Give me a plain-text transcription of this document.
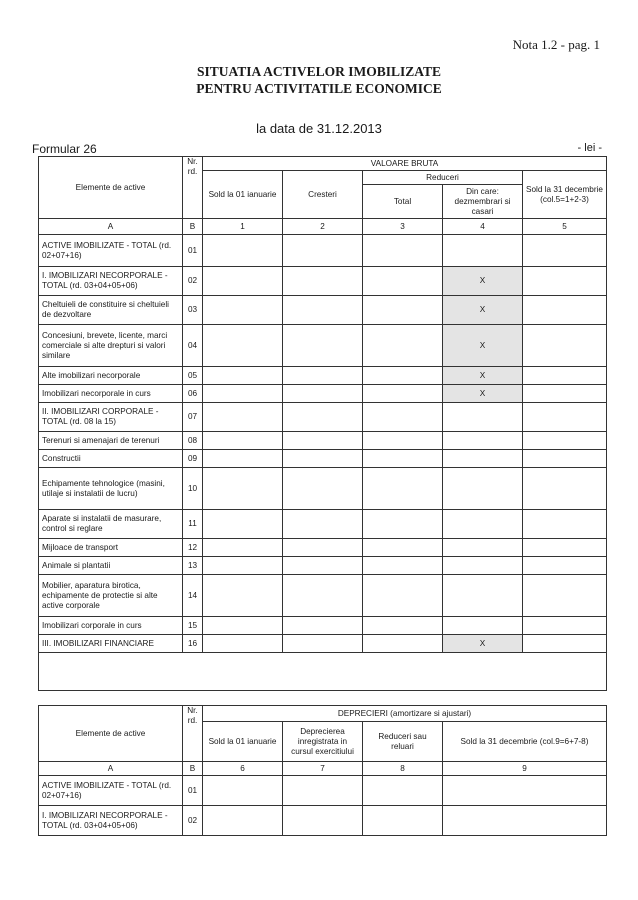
Nota 1.2 - pag. 1
SITUATIA ACTIVELOR IMOBILIZATE
PENTRU ACTIVITATILE ECONOMICE
la data de 31.12.2013
Formular 26	- lei -
Elemente de active	Nr. rd.	VALOARE BRUTA				
		Sold la 01 ianuarie	Cresteri	Reduceri		Sold la 31 decembrie (col.5=1+2-3)
				Total	Din care: dezmembrari si casari	
A	B	1	2	3	4	5
ACTIVE IMOBILIZATE - TOTAL (rd. 02+07+16)	01					
I. IMOBILIZARI NECORPORALE - TOTAL (rd. 03+04+05+06)	02				X	
Cheltuieli de constituire si cheltuieli de dezvoltare	03				X	
Concesiuni, brevete, licente, marci comerciale si alte drepturi si valori similare	04				X	
Alte imobilizari necorporale	05				X	
Imobilizari necorporale in curs	06				X	
II. IMOBILIZARI CORPORALE - TOTAL (rd. 08 la 15)	07					
Terenuri si amenajari de terenuri	08					
Constructii	09					
Echipamente tehnologice (masini, utilaje si instalatii de lucru)	10					
Aparate si instalatii de masurare, control si reglare	11					
Mijloace de transport	12					
Animale si plantatii	13					
Mobilier, aparatura birotica, echipamente de protectie si alte active corporale	14					
Imobilizari corporale in curs	15					
III. IMOBILIZARI FINANCIARE	16				X	

Elemente de active	Nr. rd.	DEPRECIERI (amortizare si ajustari)			
		Sold la 01 ianuarie	Deprecierea inregistrata in cursul exercitiului	Reduceri sau reluari	Sold la 31 decembrie (col.9=6+7-8)
A	B	6	7	8	9
ACTIVE IMOBILIZATE - TOTAL (rd. 02+07+16)	01				
I. IMOBILIZARI NECORPORALE - TOTAL (rd. 03+04+05+06)	02				
